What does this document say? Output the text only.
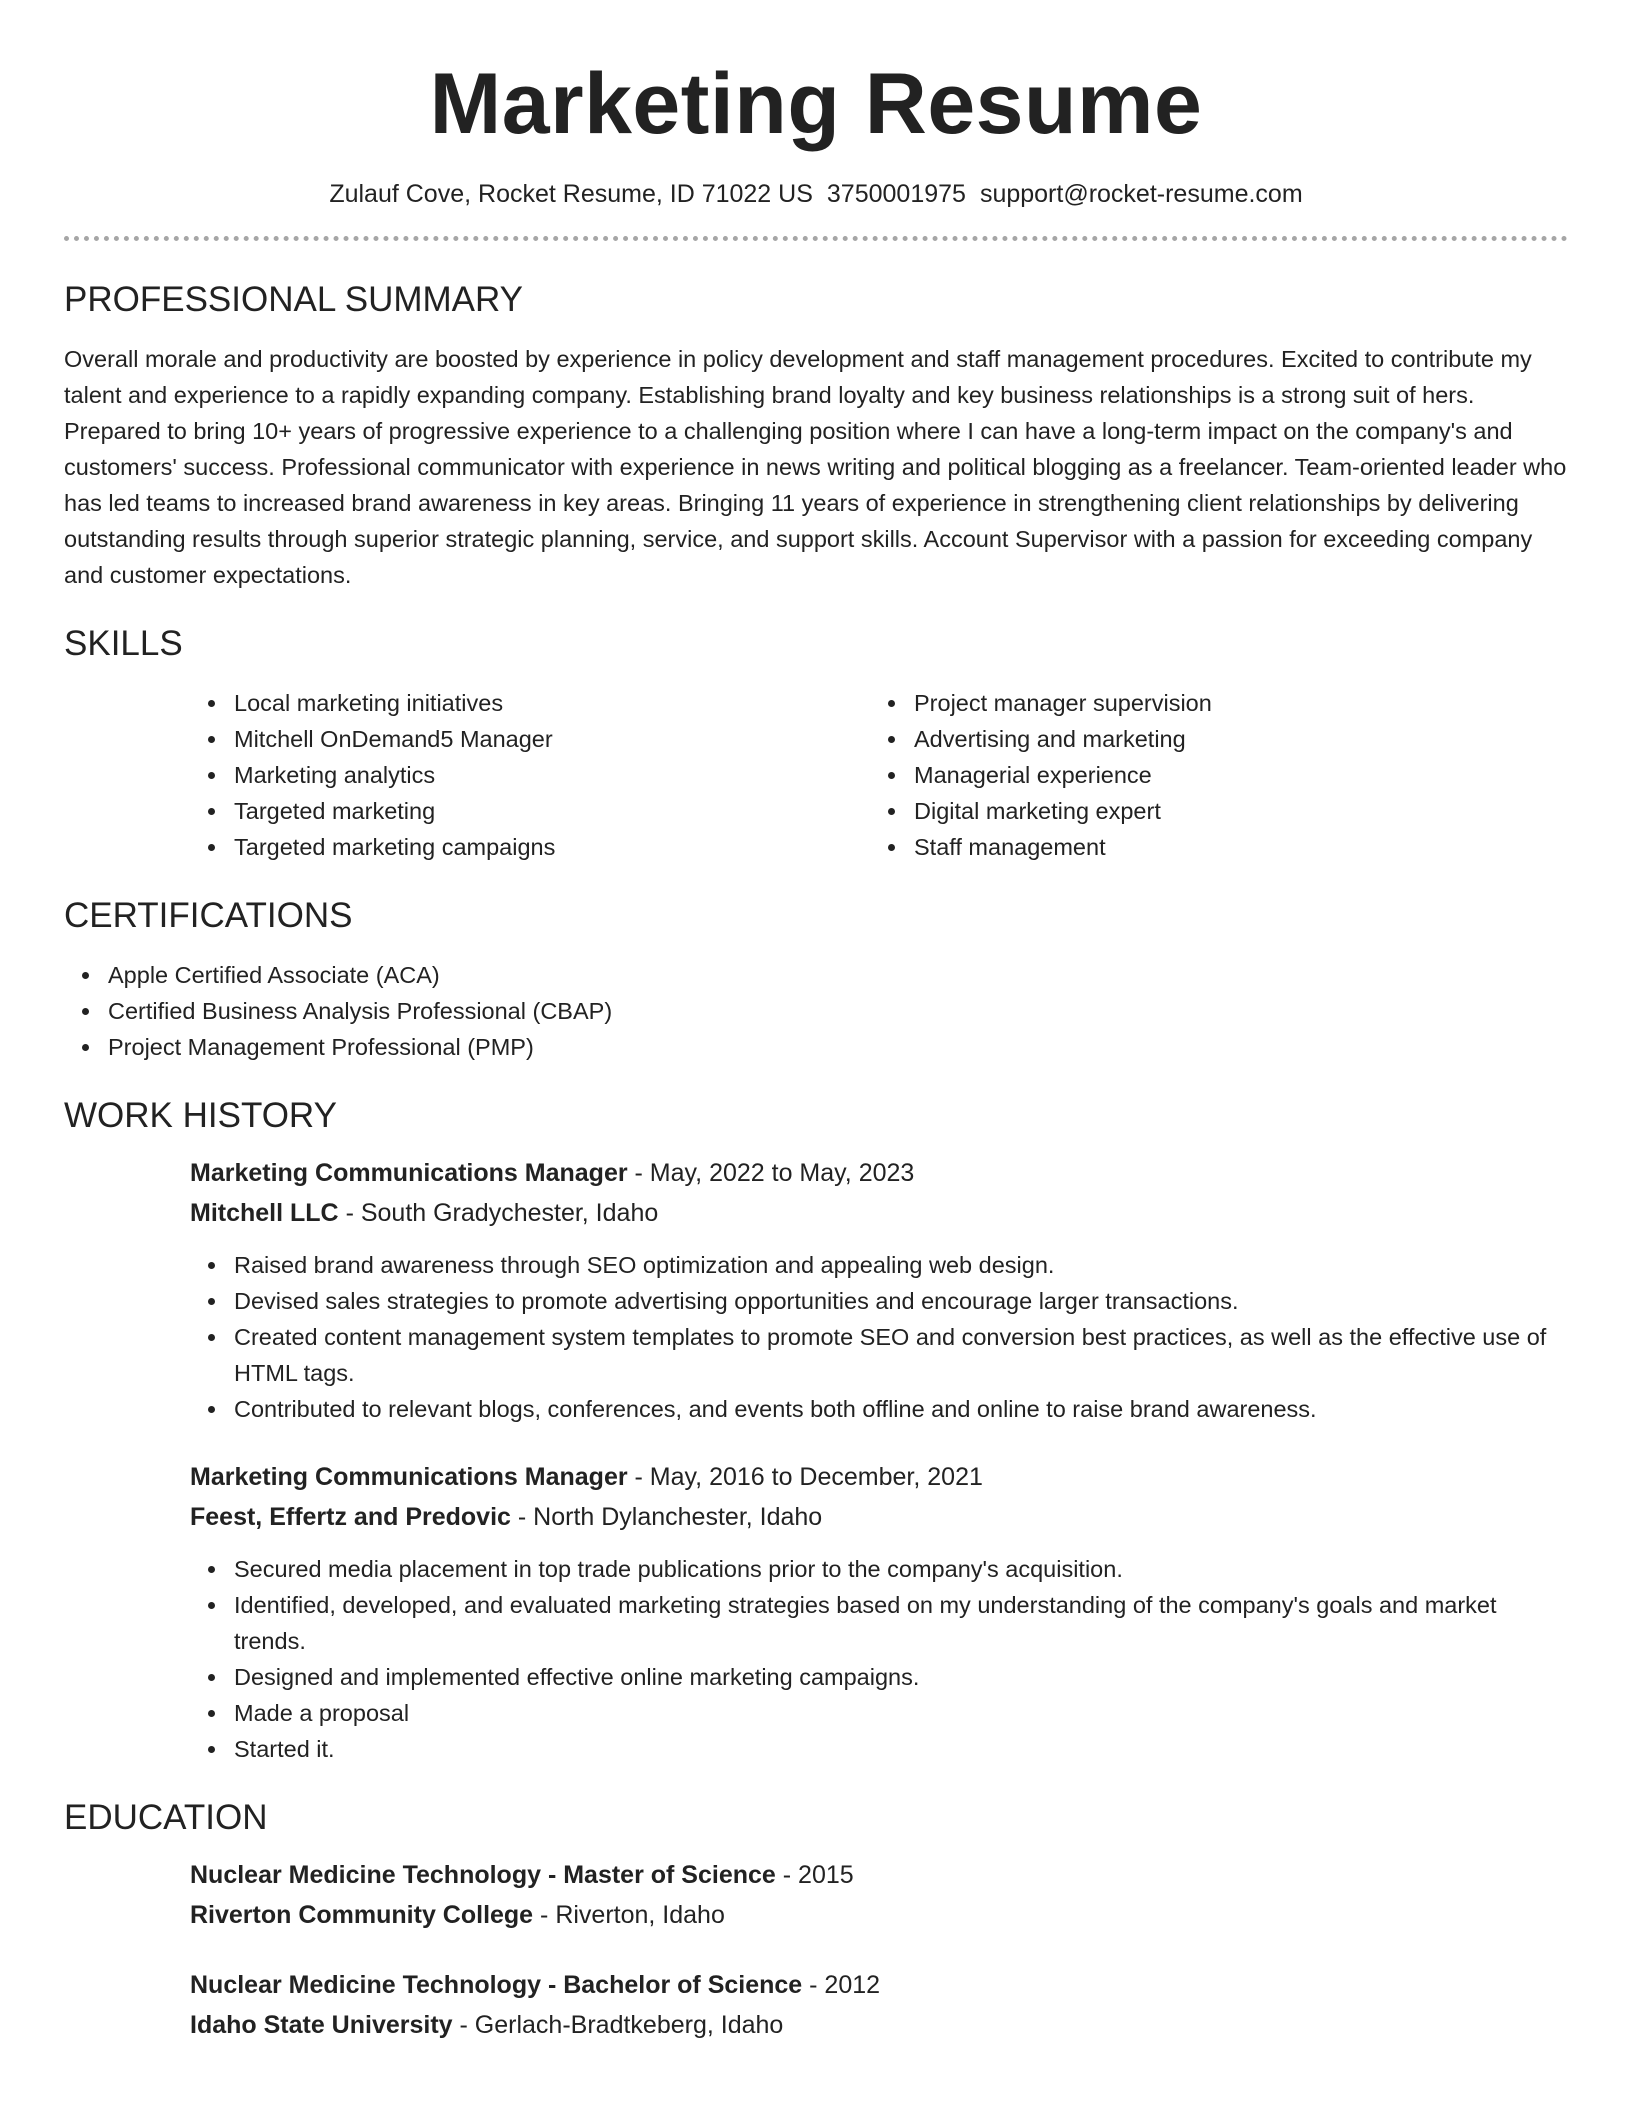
Marketing Resume
Zulauf Cove, Rocket Resume, ID 71022 US 3750001975 support@rocket-resume.com
PROFESSIONAL SUMMARY

Overall morale and productivity are boosted by experience in policy development and staff management procedures. Excited to contribute my talent and experience to a rapidly expanding company. Establishing brand loyalty and key business relationships is a strong suit of hers. Prepared to bring 10+ years of progressive experience to a challenging position where I can have a long-term impact on the company's and customers' success. Professional communicator with experience in news writing and political blogging as a freelancer. Team-oriented leader who has led teams to increased brand awareness in key areas. Bringing 11 years of experience in strengthening client relationships by delivering outstanding results through superior strategic planning, service, and support skills. Account Supervisor with a passion for exceeding company and customer expectations.

SKILLS
Local marketing initiatives
Mitchell OnDemand5 Manager
Marketing analytics
Targeted marketing
Targeted marketing campaigns
Project manager supervision
Advertising and marketing
Managerial experience
Digital marketing expert
Staff management
CERTIFICATIONS
Apple Certified Associate (ACA)
Certified Business Analysis Professional (CBAP)
Project Management Professional (PMP)
WORK HISTORY
Marketing Communications Manager - May, 2022 to May, 2023
Mitchell LLC - South Gradychester, Idaho
Raised brand awareness through SEO optimization and appealing web design.
Devised sales strategies to promote advertising opportunities and encourage larger transactions.
Created content management system templates to promote SEO and conversion best practices, as well as the effective use of HTML tags.
Contributed to relevant blogs, conferences, and events both offline and online to raise brand awareness.
Marketing Communications Manager - May, 2016 to December, 2021
Feest, Effertz and Predovic - North Dylanchester, Idaho
Secured media placement in top trade publications prior to the company's acquisition.
Identified, developed, and evaluated marketing strategies based on my understanding of the company's goals and market trends.
Designed and implemented effective online marketing campaigns.
Made a proposal
Started it.
EDUCATION
Nuclear Medicine Technology - Master of Science - 2015
Riverton Community College - Riverton, Idaho
Nuclear Medicine Technology - Bachelor of Science - 2012
Idaho State University - Gerlach-Bradtkeberg, Idaho
